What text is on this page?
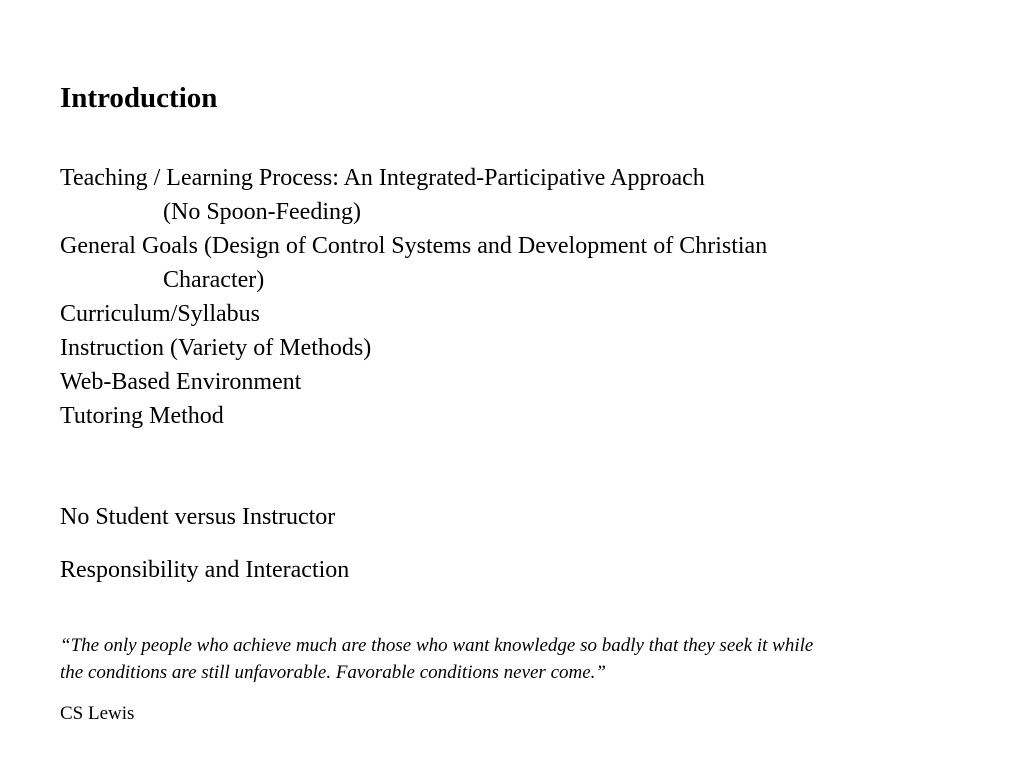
Introduction
Teaching / Learning Process: An Integrated-Participative Approach
(No Spoon-Feeding)
General Goals (Design of Control Systems and Development of Christian
Character)
Curriculum/Syllabus
Instruction (Variety of Methods)
Web-Based Environment
Tutoring Method
No Student versus Instructor
Responsibility and Interaction
“The only people who achieve much are those who want knowledge so badly that they seek it while
the conditions are still unfavorable. Favorable conditions never come.”
CS Lewis
